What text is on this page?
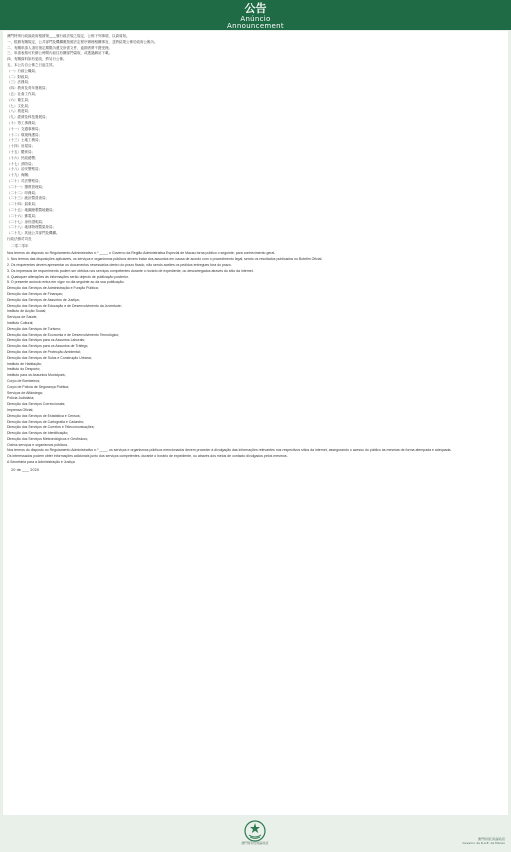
公告
Anúncio
Announcement

澳門特別行政區政府根據第____號行政法規之規定，公佈下列事項，以資周知。

一、根據有關規定，公共部門及機構應按照法定程序辦理相關事宜，並將結果公佈於政府公報內。

二、有關申請人須於指定期限內遞交所需文件，逾期者將不獲受理。

三、申請表格可於辦公時間內前往有關部門索取，或透過網站下載。

四、有關資料如有更改，將另行公佈。

五、本公告自公佈之日起生效。

（一）行政公職局；

（二）財政局；

（三）法務局；

（四）教育及青年發展局；

（五）社會工作局；

（六）衛生局；

（七）文化局；

（八）旅遊局；

（九）經濟及科技發展局；

（十）勞工事務局；

（十一）交通事務局；

（十二）環境保護局；

（十三）土地工務局；

（十四）房屋局；

（十五）體育局；

（十六）民政總署；

（十七）消防局；

（十八）治安警察局；

（十九）海關；

（二十）司法警察局；

（二十一）懲教管理局；

（二十二）印務局；

（二十三）統計暨普查局；

（二十四）氣象局；

（二十五）地圖繪製暨地籍局；

（二十六）郵電局；

（二十七）身份證明局；

（二十八）地球物理暨氣象局；

（二十九）其他公共部門及機構。

行政法務司司長

二零二零年

Nos termos do disposto no Regulamento Administrativo n.º ____, o Governo da Região Administrativa Especial de Macau torna público o seguinte, para conhecimento geral.

1. Nos termos das disposições aplicáveis, os serviços e organismos públicos devem tratar dos assuntos em causa de acordo com o procedimento legal, sendo os resultados publicados no Boletim Oficial.

2. Os requerentes devem apresentar os documentos necessários dentro do prazo fixado, não sendo aceites os pedidos entregues fora do prazo.

3. Os impressos de requerimento podem ser obtidos nos serviços competentes durante o horário de expediente, ou descarregados através do sítio da internet.

4. Quaisquer alterações às informações serão objecto de publicação posterior.

5. O presente anúncio entra em vigor no dia seguinte ao da sua publicação.

Direcção dos Serviços de Administração e Função Pública;

Direcção dos Serviços de Finanças;

Direcção dos Serviços de Assuntos de Justiça;

Direcção dos Serviços de Educação e de Desenvolvimento da Juventude;

Instituto de Acção Social;

Serviços de Saúde;

Instituto Cultural;

Direcção dos Serviços de Turismo;

Direcção dos Serviços de Economia e de Desenvolvimento Tecnológico;

Direcção dos Serviços para os Assuntos Laborais;

Direcção dos Serviços para os Assuntos de Tráfego;

Direcção dos Serviços de Protecção Ambiental;

Direcção dos Serviços de Solos e Construção Urbana;

Instituto de Habitação;

Instituto do Desporto;

Instituto para os Assuntos Municipais;

Corpo de Bombeiros;

Corpo de Polícia de Segurança Pública;

Serviços de Alfândega;

Polícia Judiciária;

Direcção dos Serviços Correccionais;

Imprensa Oficial;

Direcção dos Serviços de Estatística e Censos;

Direcção dos Serviços de Cartografia e Cadastro;

Direcção dos Serviços de Correios e Telecomunicações;

Direcção dos Serviços de Identificação;

Direcção dos Serviços Meteorológicos e Geofísicos;

Outros serviços e organismos públicos.

Nos termos do disposto no Regulamento Administrativo n.º ____, os serviços e organismos públicos mencionados devem proceder à divulgação das informações relevantes nos respectivos sítios da internet, assegurando o acesso do público às mesmas de forma atempada e adequada.

Os interessados podem obter informações adicionais junto dos serviços competentes, durante o horário de expediente, ou através dos meios de contacto divulgados pelos mesmos.

A Secretária para a Administração e Justiça

20 de ____ 2020
澳門特別行政區政府
澳門特別行政區政府
Governo da R.A.E. de Macau
